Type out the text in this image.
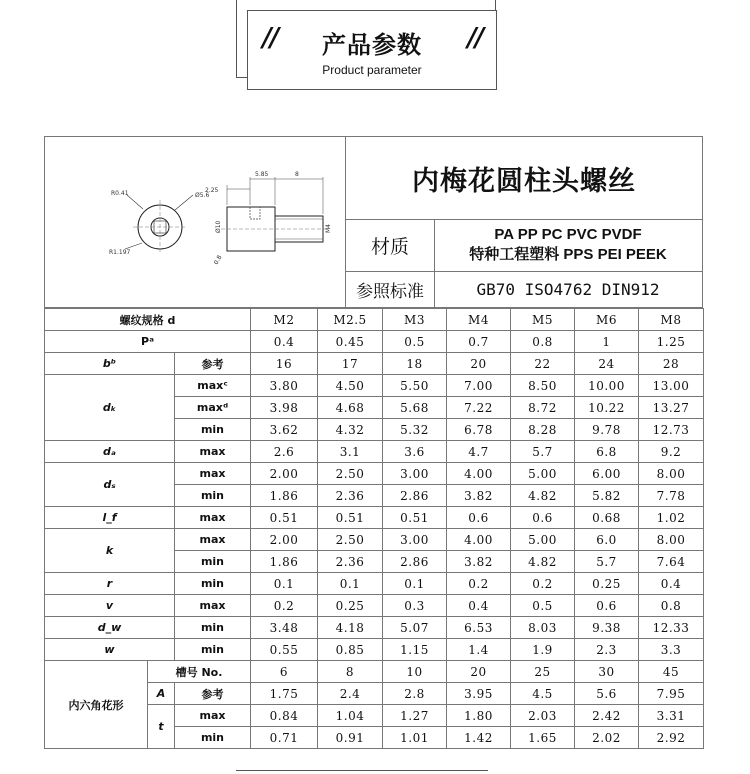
//	//
产品参数
Product parameter
R0.41	Ø5.6
R1.197
2.25
5.85	8
Ø10	M4
0.8
内梅花圆柱头螺丝
材质
PA PP PC PVC PVDF
特种工程塑料 PPS PEI PEEK
参照标准	GB70 ISO4762 DIN912
螺纹规格 d			M2	M2.5	M3	M4	M5	M6	M8
Pᵃ			0.4	0.45	0.5	0.7	0.8	1	1.25
bᵇ		参考	16	17	18	20	22	24	28
dₖ		maxᶜ	3.80	4.50	5.50	7.00	8.50	10.00	13.00
		maxᵈ	3.98	4.68	5.68	7.22	8.72	10.22	13.27
		min	3.62	4.32	5.32	6.78	8.28	9.78	12.73
dₐ		max	2.6	3.1	3.6	4.7	5.7	6.8	9.2
dₛ		max	2.00	2.50	3.00	4.00	5.00	6.00	8.00
		min	1.86	2.36	2.86	3.82	4.82	5.82	7.78
l_f		max	0.51	0.51	0.51	0.6	0.6	0.68	1.02
k		max	2.00	2.50	3.00	4.00	5.00	6.0	8.00
		min	1.86	2.36	2.86	3.82	4.82	5.7	7.64
r		min	0.1	0.1	0.1	0.2	0.2	0.25	0.4
v		max	0.2	0.25	0.3	0.4	0.5	0.6	0.8
d_w		min	3.48	4.18	5.07	6.53	8.03	9.38	12.33
w		min	0.55	0.85	1.15	1.4	1.9	2.3	3.3
内六角花形	槽号 No.		6	8	10	20	25	30	45
	A	参考	1.75	2.4	2.8	3.95	4.5	5.6	7.95
	t	max	0.84	1.04	1.27	1.80	2.03	2.42	3.31
		min	0.71	0.91	1.01	1.42	1.65	2.02	2.92
